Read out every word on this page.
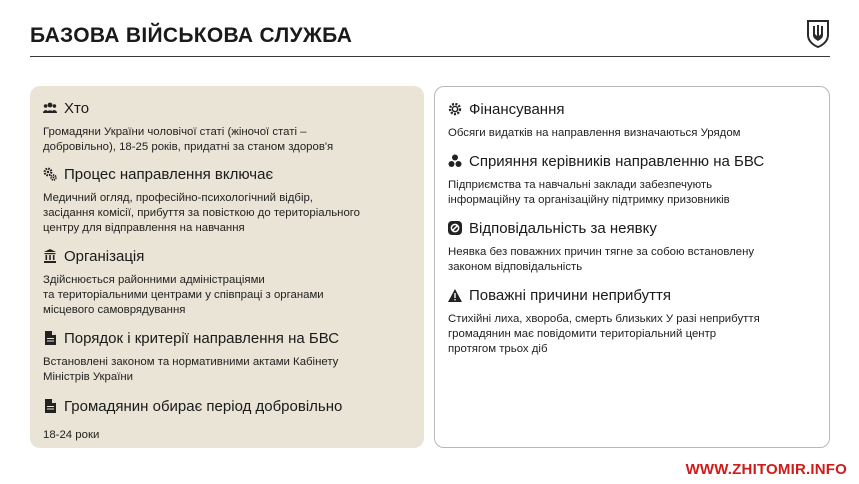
БАЗОВА ВІЙСЬКОВА СЛУЖБА
Хто
Громадяни України чоловічої статі (жіночої статі –
добровільно), 18-25 років, придатні за станом здоров'я
Процес направлення включає
Медичний огляд, професійно-психологічний відбір,
засідання комісії, прибуття за повісткою до територіального
центру для відправлення на навчання
Організація
Здійснюється районними адміністраціями
та територіальними центрами у співпраці з органами
місцевого самоврядування
Порядок і критерії направлення на БВС
Встановлені законом та нормативними актами Кабінету
Міністрів України
Громадянин обирає період добровільно
18-24 роки
Фінансування
Обсяги видатків на направлення визначаються Урядом
Сприяння керівників направленню на БВС
Підприємства та навчальні заклади забезпечують
інформаційну та організаційну підтримку призовників
Відповідальність за неявку
Неявка без поважних причин тягне за собою встановлену
законом відповідальність
Поважні причини неприбуття
Стихійні лиха, хвороба, смерть близьких У разі неприбуття
громадянин має повідомити територіальний центр
протягом трьох діб
WWW.ZHITOMIR.INFO
